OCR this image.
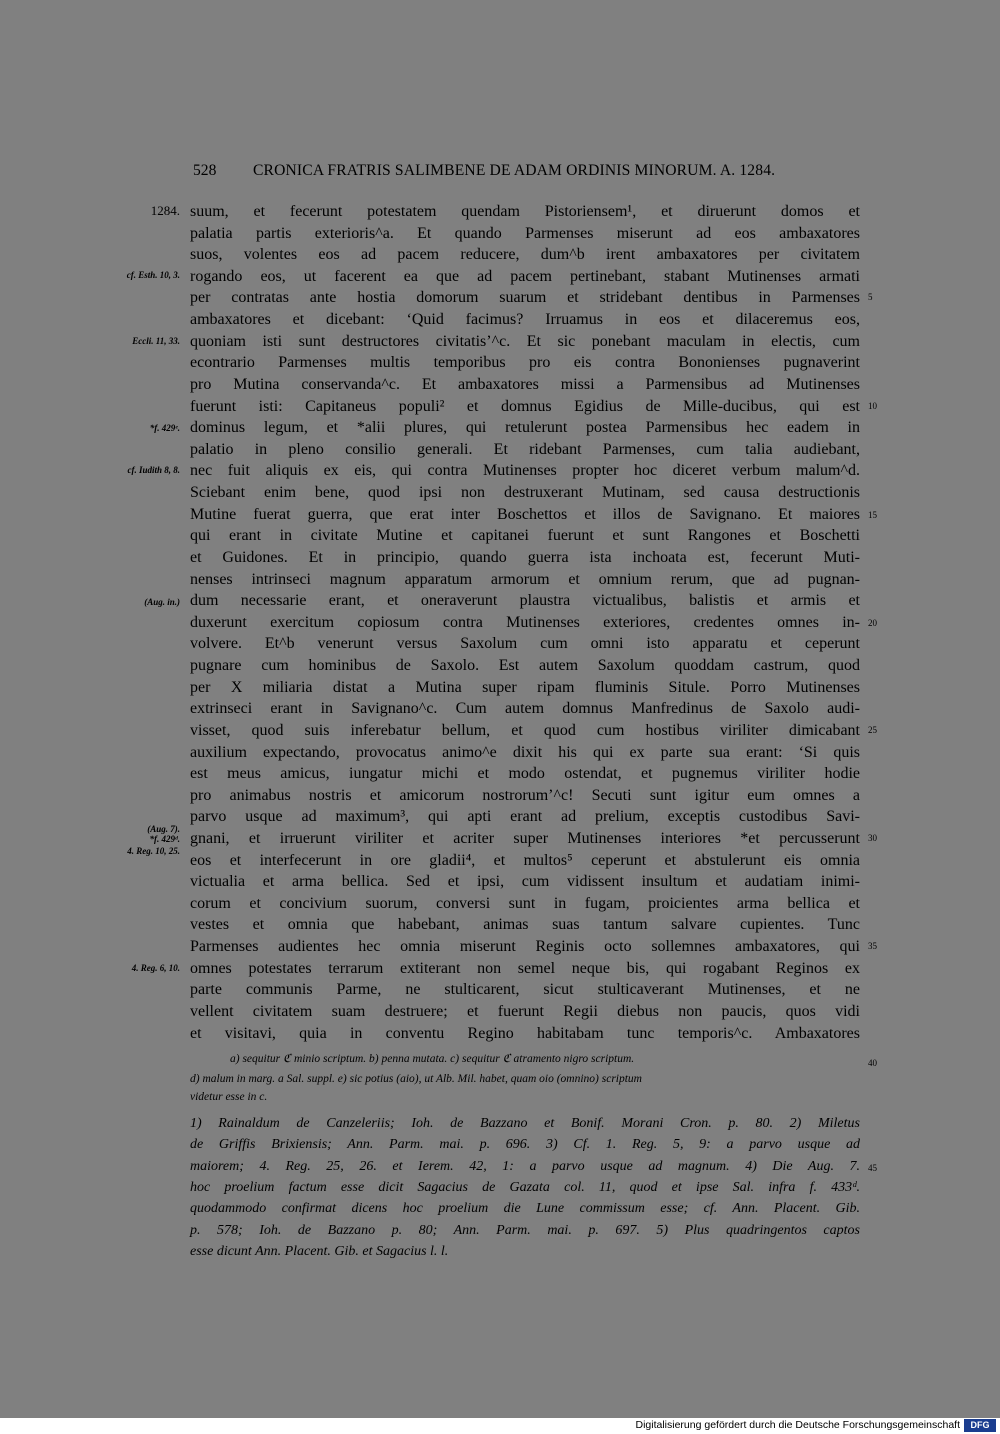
528 CRONICA FRATRIS SALIMBENE DE ADAM ORDINIS MINORUM. A. 1284.
suum, et fecerunt potestatem quendam Pistoriensem¹, et diruerunt domos et
palatia partis exterioris^a. Et quando Parmenses miserunt ad eos ambaxatores
suos, volentes eos ad pacem reducere, dum^b irent ambaxatores per civitatem
rogando eos, ut facerent ea que ad pacem pertinebant, stabant Mutinenses armati
per contratas ante hostia domorum suarum et stridebant dentibus in Parmenses
ambaxatores et dicebant: ‘Quid facimus? Irruamus in eos et dilaceremus eos,
quoniam isti sunt destructores civitatis’^c. Et sic ponebant maculam in electis, cum
econtrario Parmenses multis temporibus pro eis contra Bononienses pugnaverint
pro Mutina conservanda^c. Et ambaxatores missi a Parmensibus ad Mutinenses
fuerunt isti: Capitaneus populi² et domnus Egidius de Mille-ducibus, qui est
dominus legum, et *alii plures, qui retulerunt postea Parmensibus hec eadem in
palatio in pleno consilio generali. Et ridebant Parmenses, cum talia audiebant,
nec fuit aliquis ex eis, qui contra Mutinenses propter hoc diceret verbum malum^d.
Sciebant enim bene, quod ipsi non destruxerant Mutinam, sed causa destructionis
Mutine fuerat guerra, que erat inter Boschettos et illos de Savignano. Et maiores
qui erant in civitate Mutine et capitanei fuerunt et sunt Rangones et Boschetti
et Guidones. Et in principio, quando guerra ista inchoata est, fecerunt Muti-
nenses intrinseci magnum apparatum armorum et omnium rerum, que ad pugnan-
dum necessarie erant, et oneraverunt plaustra victualibus, balistis et armis et
duxerunt exercitum copiosum contra Mutinenses exteriores, credentes omnes in-
volvere. Et^b venerunt versus Saxolum cum omni isto apparatu et ceperunt
pugnare cum hominibus de Saxolo. Est autem Saxolum quoddam castrum, quod
per X miliaria distat a Mutina super ripam fluminis Situle. Porro Mutinenses
extrinseci erant in Savignano^c. Cum autem domnus Manfredinus de Saxolo audi-
visset, quod suis inferebatur bellum, et quod cum hostibus viriliter dimicabant
auxilium expectando, provocatus animo^e dixit his qui ex parte sua erant: ‘Si quis
est meus amicus, iungatur michi et modo ostendat, et pugnemus viriliter hodie
pro animabus nostris et amicorum nostrorum’^c! Secuti sunt igitur eum omnes a
parvo usque ad maximum³, qui apti erant ad prelium, exceptis custodibus Savi-
gnani, et irruerunt viriliter et acriter super Mutinenses interiores *et percusserunt
eos et interfecerunt in ore gladii⁴, et multos⁵ ceperunt et abstulerunt eis omnia
victualia et arma bellica. Sed et ipsi, cum vidissent insultum et audatiam inimi-
corum et concivium suorum, conversi sunt in fugam, proicientes arma bellica et
vestes et omnia que habebant, animas suas tantum salvare cupientes. Tunc
Parmenses audientes hec omnia miserunt Reginis octo sollemnes ambaxatores, qui
omnes potestates terrarum extiterant non semel neque bis, qui rogabant Reginos ex
parte communis Parme, ne stulticarent, sicut stulticaverant Mutinenses, et ne
vellent civitatem suam destruere; et fuerunt Regii diebus non paucis, quos vidi
et visitavi, quia in conventu Regino habitabam tunc temporis^c. Ambaxatores
1284.
cf. Esth. 10, 3.
Eccli. 11, 33.
*f. 429ᵉ.
cf. Iudith 8, 8.
(Aug. in.)
(Aug. 7).
*f. 429ᵈ.
4. Reg. 10, 25.
4. Reg. 6, 10.
5
10
15
20
25
30
35
40
45
a) sequitur ℭ minio scriptum. b) penna mutata. c) sequitur ℭ atramento nigro scriptum.
d) malum in marg. a Sal. suppl. e) sic potius (aio), ut Alb. Mil. habet, quam oio (omnino) scriptum
videtur esse in c.
1) Rainaldum de Canzeleriis; Ioh. de Bazzano et Bonif. Morani Cron. p. 80. 2) Miletus
de Griffis Brixiensis; Ann. Parm. mai. p. 696. 3) Cf. 1. Reg. 5, 9: a parvo usque ad
maiorem; 4. Reg. 25, 26. et Ierem. 42, 1: a parvo usque ad magnum. 4) Die Aug. 7.
hoc proelium factum esse dicit Sagacius de Gazata col. 11, quod et ipse Sal. infra f. 433ᵈ.
quodammodo confirmat dicens hoc proelium die Lune commissum esse; cf. Ann. Placent. Gib.
p. 578; Ioh. de Bazzano p. 80; Ann. Parm. mai. p. 697. 5) Plus quadringentos captos
esse dicunt Ann. Placent. Gib. et Sagacius l. l.
Digitalisierung gefördert durch die Deutsche Forschungsgemeinschaft	DFG
